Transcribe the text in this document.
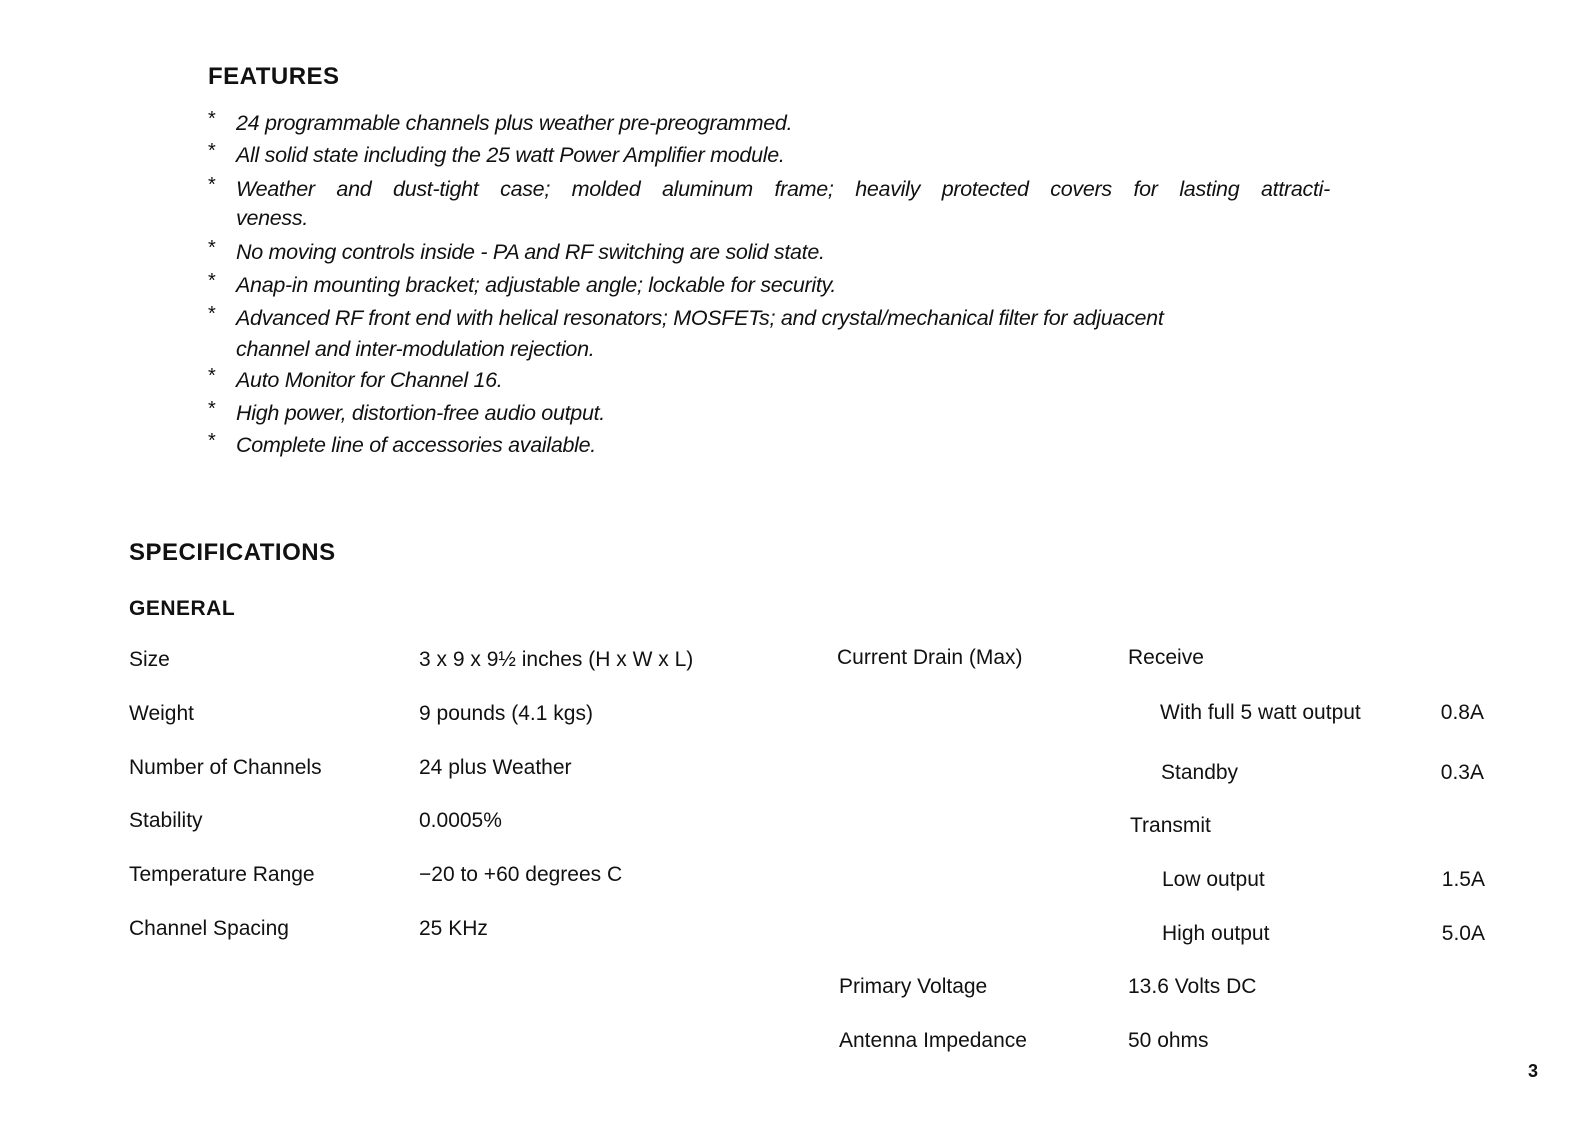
FEATURES
* 24 programmable channels plus weather pre-preogrammed.
* All solid state including the 25 watt Power Amplifier module.
* Weather and dust-tight case; molded aluminum frame; heavily protected covers for lasting attracti-
veness.
* No moving controls inside - PA and RF switching are solid state.
* Anap-in mounting bracket; adjustable angle; lockable for security.
* Advanced RF front end with helical resonators; MOSFETs; and crystal/mechanical filter for adjuacent
channel and inter-modulation rejection.
* Auto Monitor for Channel 16.
* High power, distortion-free audio output.
* Complete line of accessories available.
SPECIFICATIONS
GENERAL
Size	3 x 9 x 9½ inches (H x W x L)
Weight	9 pounds (4.1 kgs)
Number of Channels	24 plus Weather
Stability	0.0005%
Temperature Range	−20 to +60 degrees C
Channel Spacing	25 KHz
Current Drain (Max)	Receive
With full 5 watt output	0.8A
Standby	0.3A
Transmit
Low output	1.5A
High output	5.0A
Primary Voltage	13.6 Volts DC
Antenna Impedance	50 ohms
3
